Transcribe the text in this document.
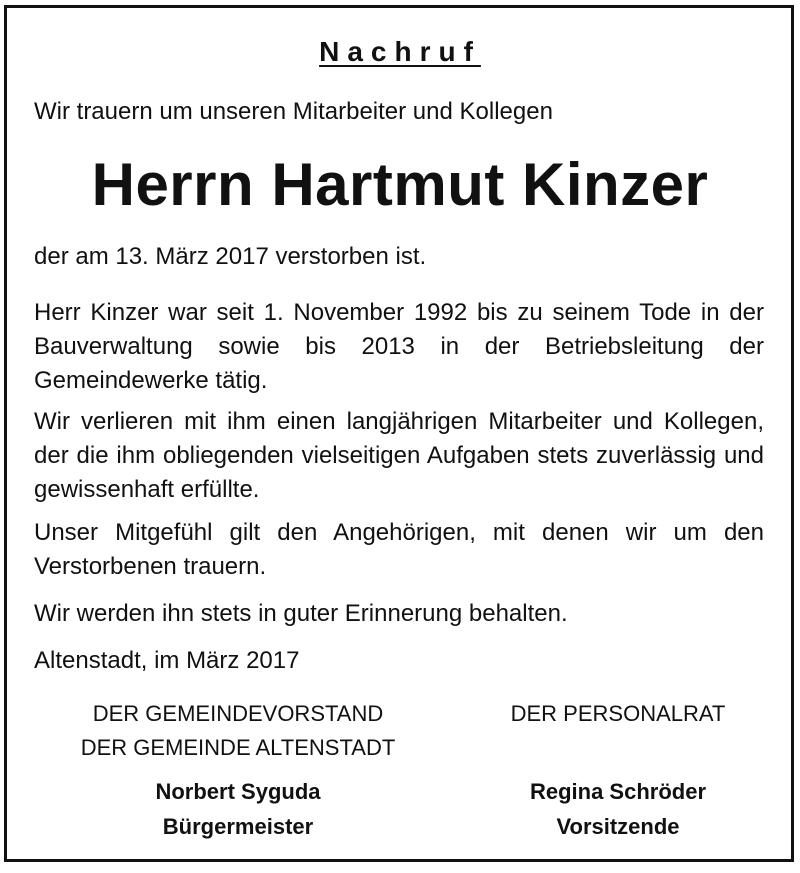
Nachruf
Wir trauern um unseren Mitarbeiter und Kollegen
Herrn Hartmut Kinzer
der am 13. März 2017 verstorben ist.
Herr Kinzer war seit 1. November 1992 bis zu seinem Tode in der Bauverwaltung sowie bis 2013 in der Betriebsleitung der Gemeindewerke tätig.
Wir verlieren mit ihm einen langjährigen Mitarbeiter und Kollegen, der die ihm obliegenden vielseitigen Aufgaben stets zuverlässig und gewissenhaft erfüllte.
Unser Mitgefühl gilt den Angehörigen, mit denen wir um den Verstorbenen trauern.
Wir werden ihn stets in guter Erinnerung behalten.
Altenstadt, im März 2017
DER GEMEINDEVORSTAND
DER GEMEINDE ALTENSTADT
Norbert Syguda
Bürgermeister
DER PERSONALRAT
Regina Schröder
Vorsitzende
